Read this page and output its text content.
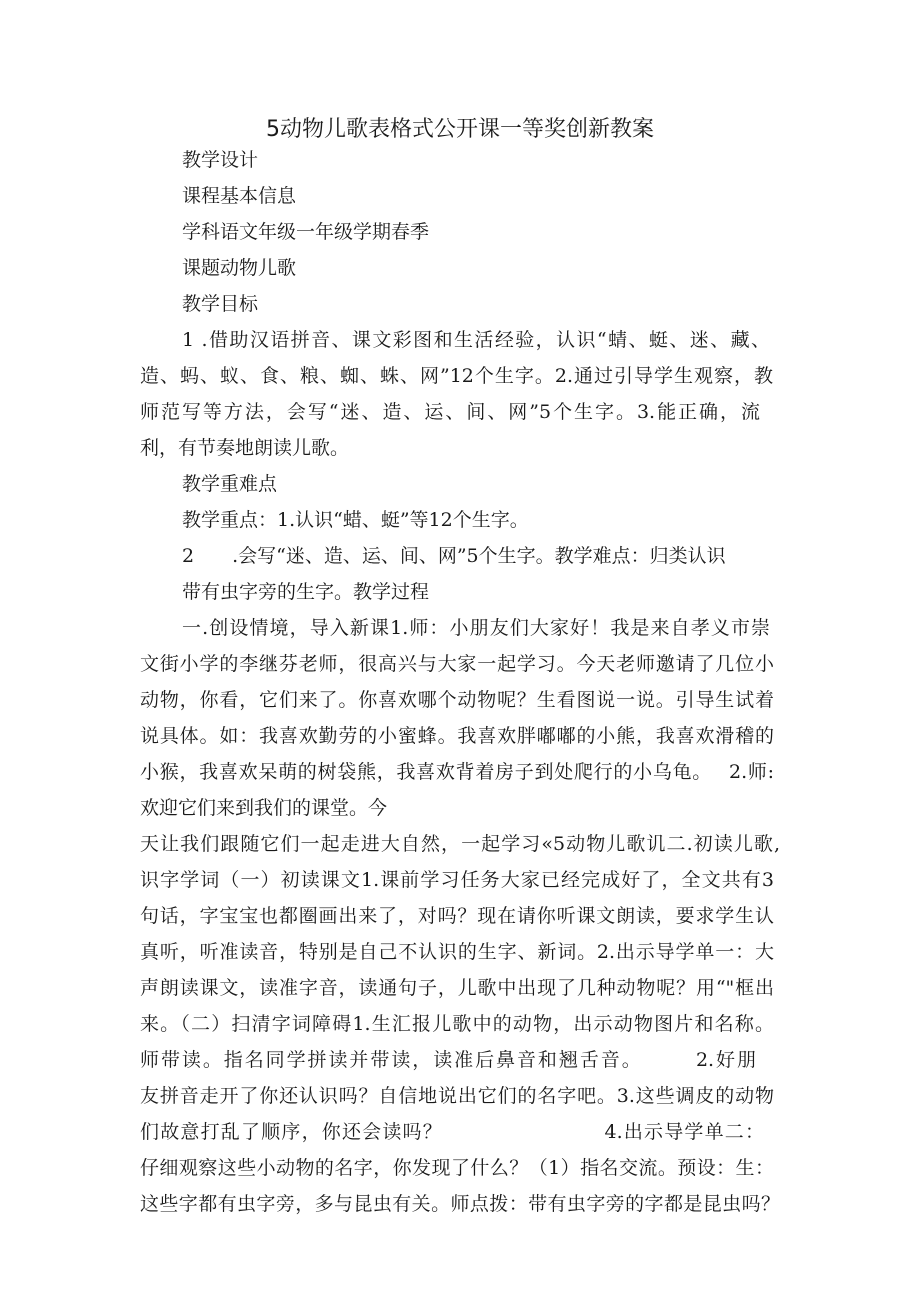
5动物儿歌表格式公开课一等奖创新教案
教学设计
课程基本信息
学科语文年级一年级学期春季
课题动物儿歌
教学目标
1 .借助汉语拼音、课文彩图和生活经验，认识“蜻、蜓、迷、藏、
造、蚂、蚁、食、粮、蜘、蛛、网”12个生字。2.通过引导学生观察，教
师范写等方法，会写“迷、造、运、间、网”5个生字。3.能正确，流
利，有节奏地朗读儿歌。
教学重难点
教学重点：1.认识“蜡、蜓”等12个生字。
2　　.会写“迷、造、运、间、网”5个生字。教学难点：归类认识
带有虫字旁的生字。教学过程
一.创设情境，导入新课1.师：小朋友们大家好！我是来自孝义市崇
文街小学的李继芬老师，很高兴与大家一起学习。今天老师邀请了几位小
动物，你看，它们来了。你喜欢哪个动物呢？生看图说一说。引导生试着
说具体。如：我喜欢勤劳的小蜜蜂。我喜欢胖嘟嘟的小熊，我喜欢滑稽的
小猴，我喜欢呆萌的树袋熊，我喜欢背着房子到处爬行的小乌龟。　 2.师:
欢迎它们来到我们的课堂。今
天让我们跟随它们一起走进大自然，一起学习«5动物儿歌讥二.初读儿歌,
识字学词（一）初读课文1.课前学习任务大家已经完成好了，全文共有3
句话，字宝宝也都圈画出来了，对吗？现在请你听课文朗读，要求学生认
真听，听准读音，特别是自己不认识的生字、新词。2.出示导学单一：大
声朗读课文，读准字音，读通句子，儿歌中出现了几种动物呢？用“"框出
来。（二）扫清字词障碍1.生汇报儿歌中的动物，出示动物图片和名称。
师带读。指名同学拼读并带读，读准后鼻音和翘舌音。　　　2.好朋
友拼音走开了你还认识吗？自信地说出它们的名字吧。3.这些调皮的动物
们故意打乱了顺序，你还会读吗？　　　　　　　　4.出示导学单二：
仔细观察这些小动物的名字，你发现了什么？（1）指名交流。预设：生：
这些字都有虫字旁，多与昆虫有关。师点拨：带有虫字旁的字都是昆虫吗？
